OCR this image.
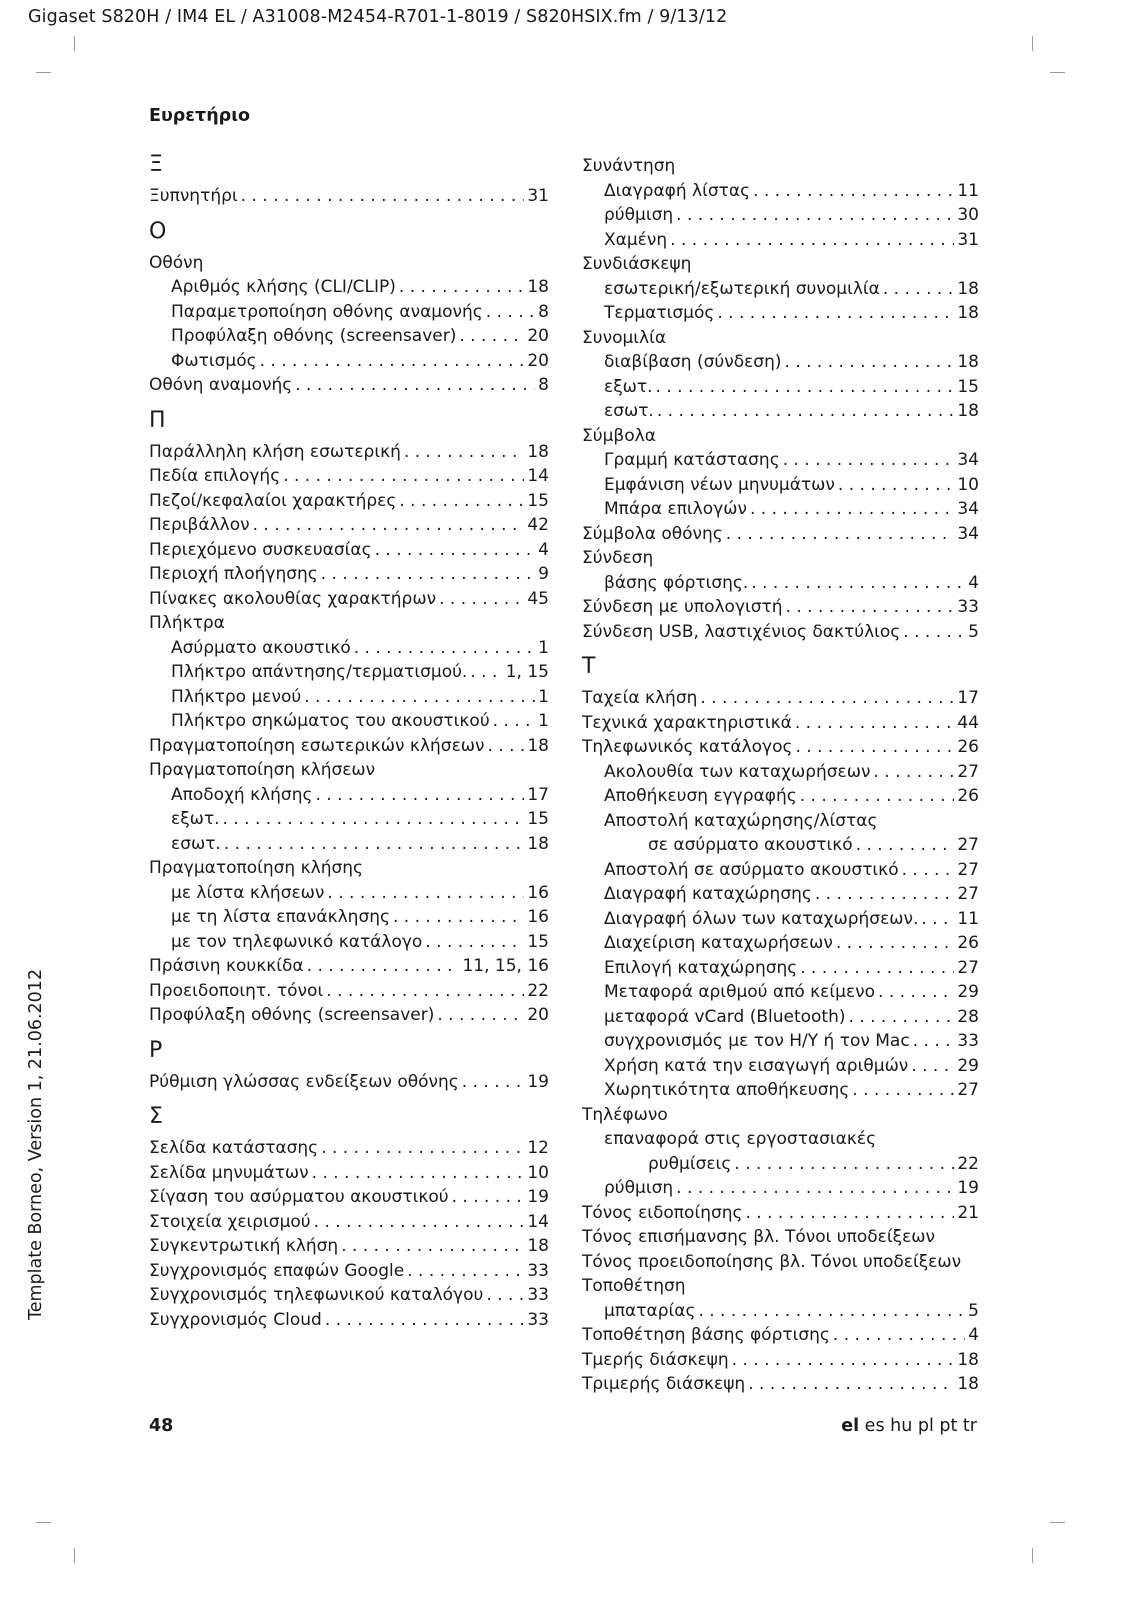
Gigaset S820H / IM4 EL / A31008-M2454-R701-1-8019 / S820HSIX.fm / 9/13/12
Ευρετήριο
Template Borneo, Version 1, 21.06.2012
Ξ
Ξυπνητήρι . . .	31
Ο
Οθόνη
Αριθμός κλήσης (CLI/CLIP) . . .	18
Παραμετροποίηση οθόνης αναμονής . . .	8
Προφύλαξη οθόνης (screensaver) . . .	20
Φωτισμός . . .	20
Οθόνη αναμονής . . .	8
Π
Παράλληλη κλήση εσωτερική . . .	18
Πεδία επιλογής . . .	14
Πεζοί/κεφαλαίοι χαρακτήρες . . .	15
Περιβάλλον . . .	42
Περιεχόμενο συσκευασίας . . .	4
Περιοχή πλοήγησης . . .	9
Πίνακες ακολουθίας χαρακτήρων . . .	45
Πλήκτρα
Ασύρματο ακουστικό . . .	1
Πλήκτρο απάντησης/τερματισμού. . . . 1, 15
Πλήκτρο μενού . . .	1
Πλήκτρο σηκώματος του ακουστικού . . .	1
Πραγματοποίηση εσωτερικών κλήσεων . . .	18
Πραγματοποίηση κλήσεων
Αποδοχή κλήσης . . .	17
εξωτ. . . .	15
εσωτ. . . .	18
Πραγματοποίηση κλήσης
με λίστα κλήσεων . . .	16
με τη λίστα επανάκλησης . . .	16
με τον τηλεφωνικό κατάλογο . . .	15
Πράσινη κουκκίδα . . .	11, 15, 16
Προειδοποιητ. τόνοι . . .	22
Προφύλαξη οθόνης (screensaver) . . .	20
Ρ
Ρύθμιση γλώσσας ενδείξεων οθόνης . . .	19
Σ
Σελίδα κατάστασης . . .	12
Σελίδα μηνυμάτων . . .	10
Σίγαση του ασύρματου ακουστικού . . .	19
Στοιχεία χειρισμού . . .	14
Συγκεντρωτική κλήση . . .	18
Συγχρονισμός επαφών Google . . .	33
Συγχρονισμός τηλεφωνικού καταλόγου . . .	33
Συγχρονισμός Cloud . . .	33
Συνάντηση
Διαγραφή λίστας . . .	11
ρύθμιση . . .	30
Χαμένη . . .	31
Συνδιάσκεψη
εσωτερική/εξωτερική συνομιλία . . .	18
Τερματισμός . . .	18
Συνομιλία
διαβίβαση (σύνδεση) . . .	18
εξωτ. . . .	15
εσωτ. . . .	18
Σύμβολα
Γραμμή κατάστασης . . .	34
Εμφάνιση νέων μηνυμάτων . . .	10
Μπάρα επιλογών . . .	34
Σύμβολα οθόνης . . .	34
Σύνδεση
βάσης φόρτισης. . . .	4
Σύνδεση με υπολογιστή . . .	33
Σύνδεση USB, λαστιχένιος δακτύλιος . . .	5
Τ
Ταχεία κλήση . . .	17
Τεχνικά χαρακτηριστικά . . .	44
Τηλεφωνικός κατάλογος . . .	26
Ακολουθία των καταχωρήσεων . . .	27
Αποθήκευση εγγραφής . . .	26
Αποστολή καταχώρησης/λίστας
σε ασύρματο ακουστικό . . .	27
Αποστολή σε ασύρματο ακουστικό . . .	27
Διαγραφή καταχώρησης . . .	27
Διαγραφή όλων των καταχωρήσεων. . . . 11
Διαχείριση καταχωρήσεων . . .	26
Επιλογή καταχώρησης . . .	27
Μεταφορά αριθμού από κείμενο . . .	29
μεταφορά vCard (Bluetooth) . . .	28
συγχρονισμός με τον Η/Υ ή τον Mac . . .	33
Χρήση κατά την εισαγωγή αριθμών . . .	29
Χωρητικότητα αποθήκευσης . . .	27
Τηλέφωνο
επαναφορά στις εργοστασιακές
ρυθμίσεις . . .	22
ρύθμιση . . .	19
Τόνος ειδοποίησης . . .	21
Τόνος επισήμανσης βλ. Τόνοι υποδείξεων
Τόνος προειδοποίησης βλ. Τόνοι υποδείξεων
Τοποθέτηση
μπαταρίας . . .	5
Τοποθέτηση βάσης φόρτισης . . .	4
Τμερής διάσκεψη . . .	18
Τριμερής διάσκεψη . . .	18
48	el es hu pl pt tr
